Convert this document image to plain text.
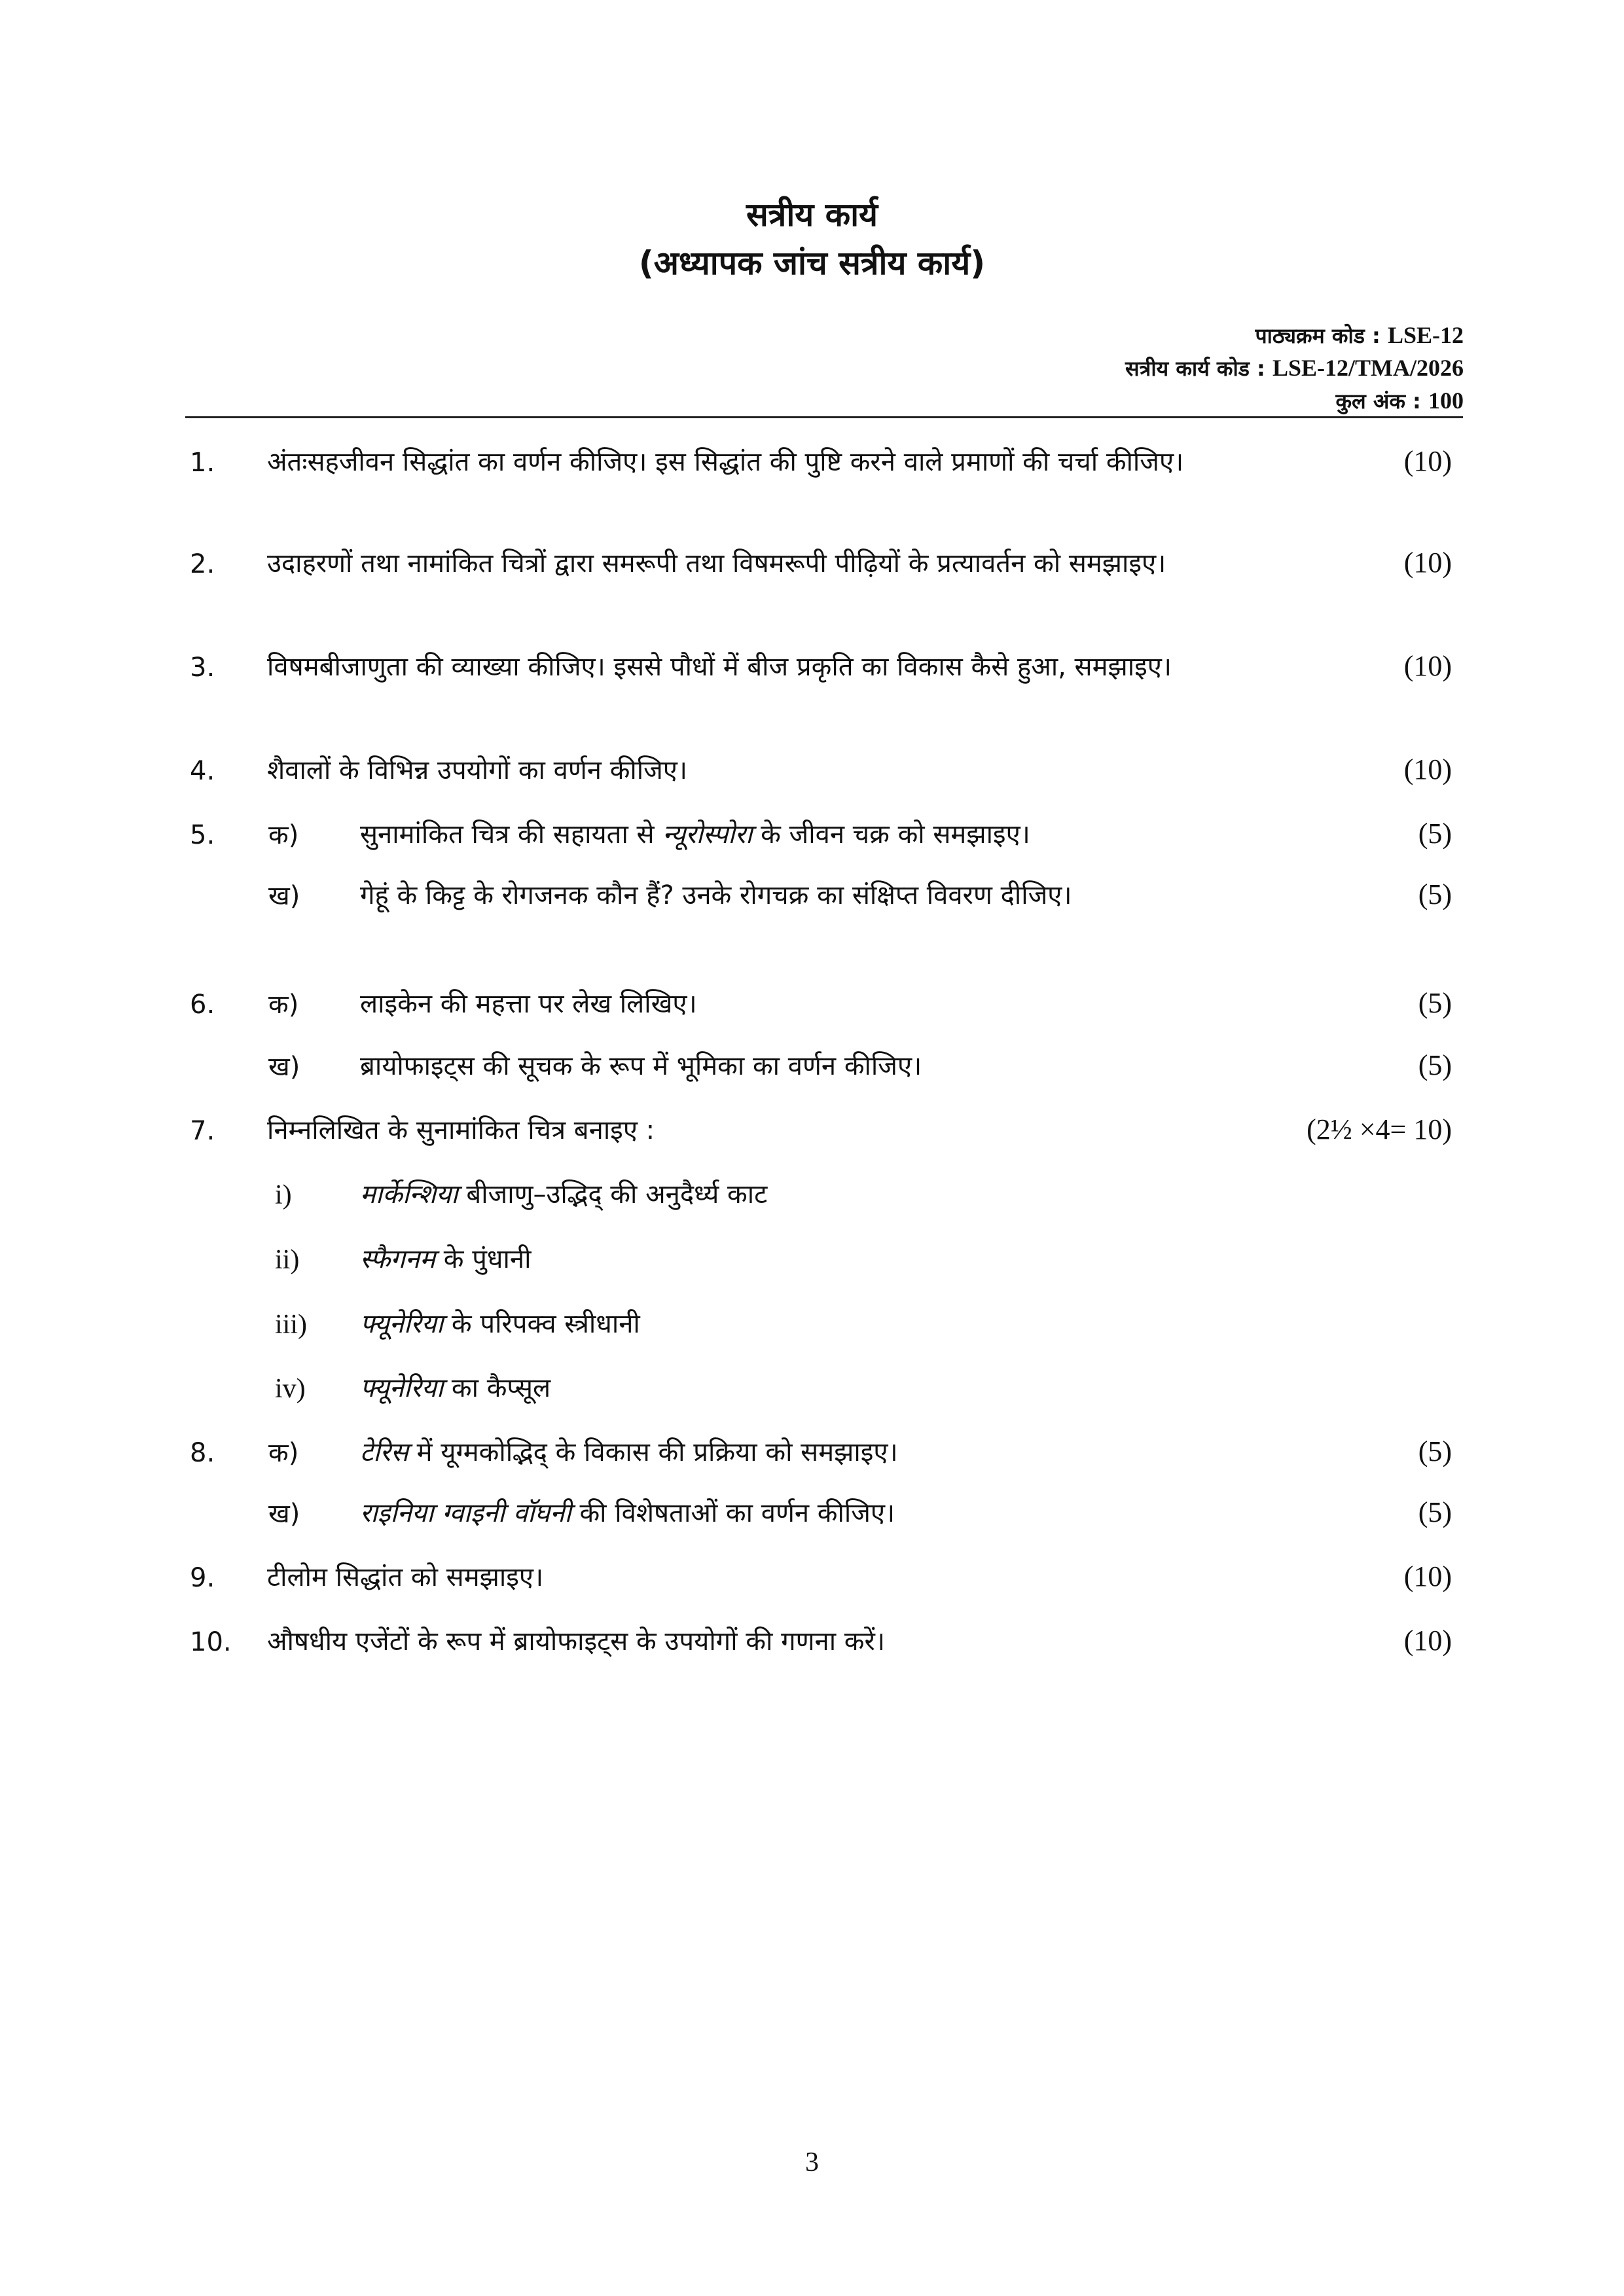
सत्रीय कार्य
(अध्यापक जांच सत्रीय कार्य)
पाठ्यक्रम कोड : LSE-12
सत्रीय कार्य कोड : LSE-12/TMA/2026
कुल अंक : 100
1.	अंतःसहजीवन सिद्धांत का वर्णन कीजिए। इस सिद्धांत की पुष्टि करने वाले प्रमाणों की चर्चा कीजिए।	(10)
2.	उदाहरणों तथा नामांकित चित्रों द्वारा समरूपी तथा विषमरूपी पीढ़ियों के प्रत्यावर्तन को समझाइए।	(10)
3.	विषमबीजाणुता की व्याख्या कीजिए। इससे पौधों में बीज प्रकृति का विकास कैसे हुआ, समझाइए।	(10)
4.	शैवालों के विभिन्न उपयोगों का वर्णन कीजिए।	(10)
5.	क)	सुनामांकित चित्र की सहायता से न्यूरोस्पोरा के जीवन चक्र को समझाइए।	(5)
ख)	गेहूं के किट्ट के रोगजनक कौन हैं? उनके रोगचक्र का संक्षिप्त विवरण दीजिए।	(5)
6.	क)	लाइकेन की महत्ता पर लेख लिखिए।	(5)
ख)	ब्रायोफाइट्स की सूचक के रूप में भूमिका का वर्णन कीजिए।	(5)
7.	निम्नलिखित के सुनामांकित चित्र बनाइए :	(2½ ×4= 10)
i)	मार्केन्शिया बीजाणु–उद्भिद् की अनुदैर्ध्य काट
ii)	स्फैगनम के पुंधानी
iii)	फ्यूनेरिया के परिपक्व स्त्रीधानी
iv)	फ्यूनेरिया का कैप्सूल
8.	क)	टेरिस में यूग्मकोद्भिद् के विकास की प्रक्रिया को समझाइए।	(5)
ख)	राइनिया ग्वाइनी वॉघनी की विशेषताओं का वर्णन कीजिए।	(5)
9.	टीलोम सिद्धांत को समझाइए।	(10)
10.	औषधीय एजेंटों के रूप में ब्रायोफाइट्स के उपयोगों की गणना करें।	(10)
3
